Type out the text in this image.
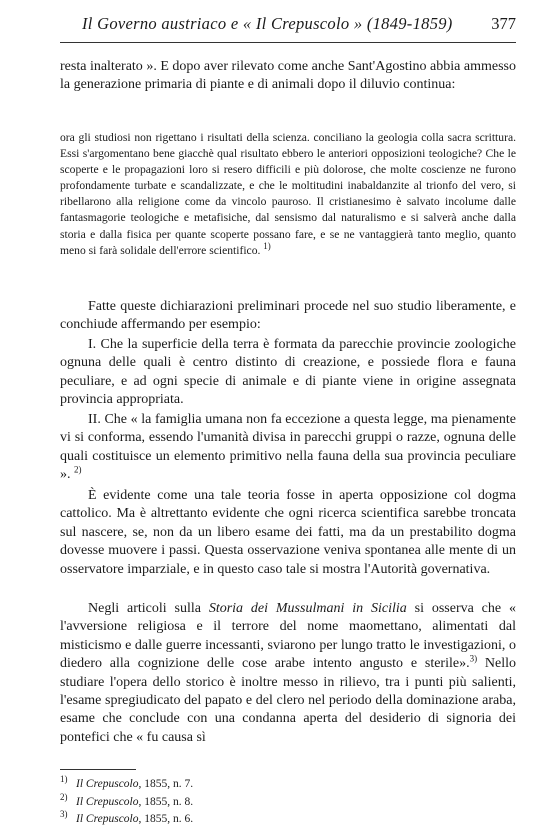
Il Governo austriaco e « Il Crepuscolo » (1849-1859) 377
resta inalterato ». E dopo aver rilevato come anche Sant'Agostino abbia ammesso la generazione primaria di piante e di animali dopo il diluvio continua:
ora gli studiosi non rigettano i risultati della scienza. conciliano la geologia colla sacra scrittura. Essi s'argomentano bene giacchè qual risultato ebbero le anteriori opposizioni teologiche? Che le scoperte e le propagazioni loro si resero difficili e più dolorose, che molte coscienze ne furono profondamente turbate e scandalizzate, e che le moltitudini inabaldanzite al trionfo del vero, si ribellarono alla religione come da vincolo pauroso. Il cristianesimo è salvato incolume dalle fantasmagorie teologiche e metafisiche, dal sensismo dal naturalismo e si salverà anche dalla storia e dalla fisica per quante scoperte possano fare, e se ne vantaggierà tanto meglio, quanto meno si farà solidale dell'errore scientifico. $^{1)}$
Fatte queste dichiarazioni preliminari procede nel suo studio liberamente, e conchiude affermando per esempio:
I. Che la superficie della terra è formata da parecchie provincie zoologiche ognuna delle quali è centro distinto di creazione, e possiede flora e fauna peculiare, e ad ogni specie di animale e di piante viene in origine assegnata provincia appropriata.
II. Che « la famiglia umana non fa eccezione a questa legge, ma pienamente vi si conforma, essendo l'umanità divisa in parecchi gruppi o razze, ognuna delle quali costituisce un elemento primitivo nella fauna della sua provincia peculiare ». $^{2)}$
È evidente come una tale teoria fosse in aperta opposizione col dogma cattolico. Ma è altrettanto evidente che ogni ricerca scientifica sarebbe troncata sul nascere, se, non da un libero esame dei fatti, ma da un prestabilito dogma dovesse muovere i passi. Questa osservazione veniva spontanea alle mente di un osservatore imparziale, e in questo caso tale si mostra l'Autorità governativa.
Negli articoli sulla Storia dei Mussulmani in Sicilia si osserva che « l'avversione religiosa e il terrore del nome maomettano, alimentati dal misticismo e dalle guerre incessanti, sviarono per lungo tratto le investigazioni, o diedero alla cognizione delle cose arabe intento angusto e sterile».$^{3)}$ Nello studiare l'opera dello storico è inoltre messo in rilievo, tra i punti più salienti, l'esame spregiudicato del papato e del clero nel periodo della dominazione araba, esame che conclude con una condanna aperta del desiderio di signoria dei pontefici che « fu causa sì
1) Il Crepuscolo, 1855, n. 7.
2) Il Crepuscolo, 1855, n. 8.
3) Il Crepuscolo, 1855, n. 6.
